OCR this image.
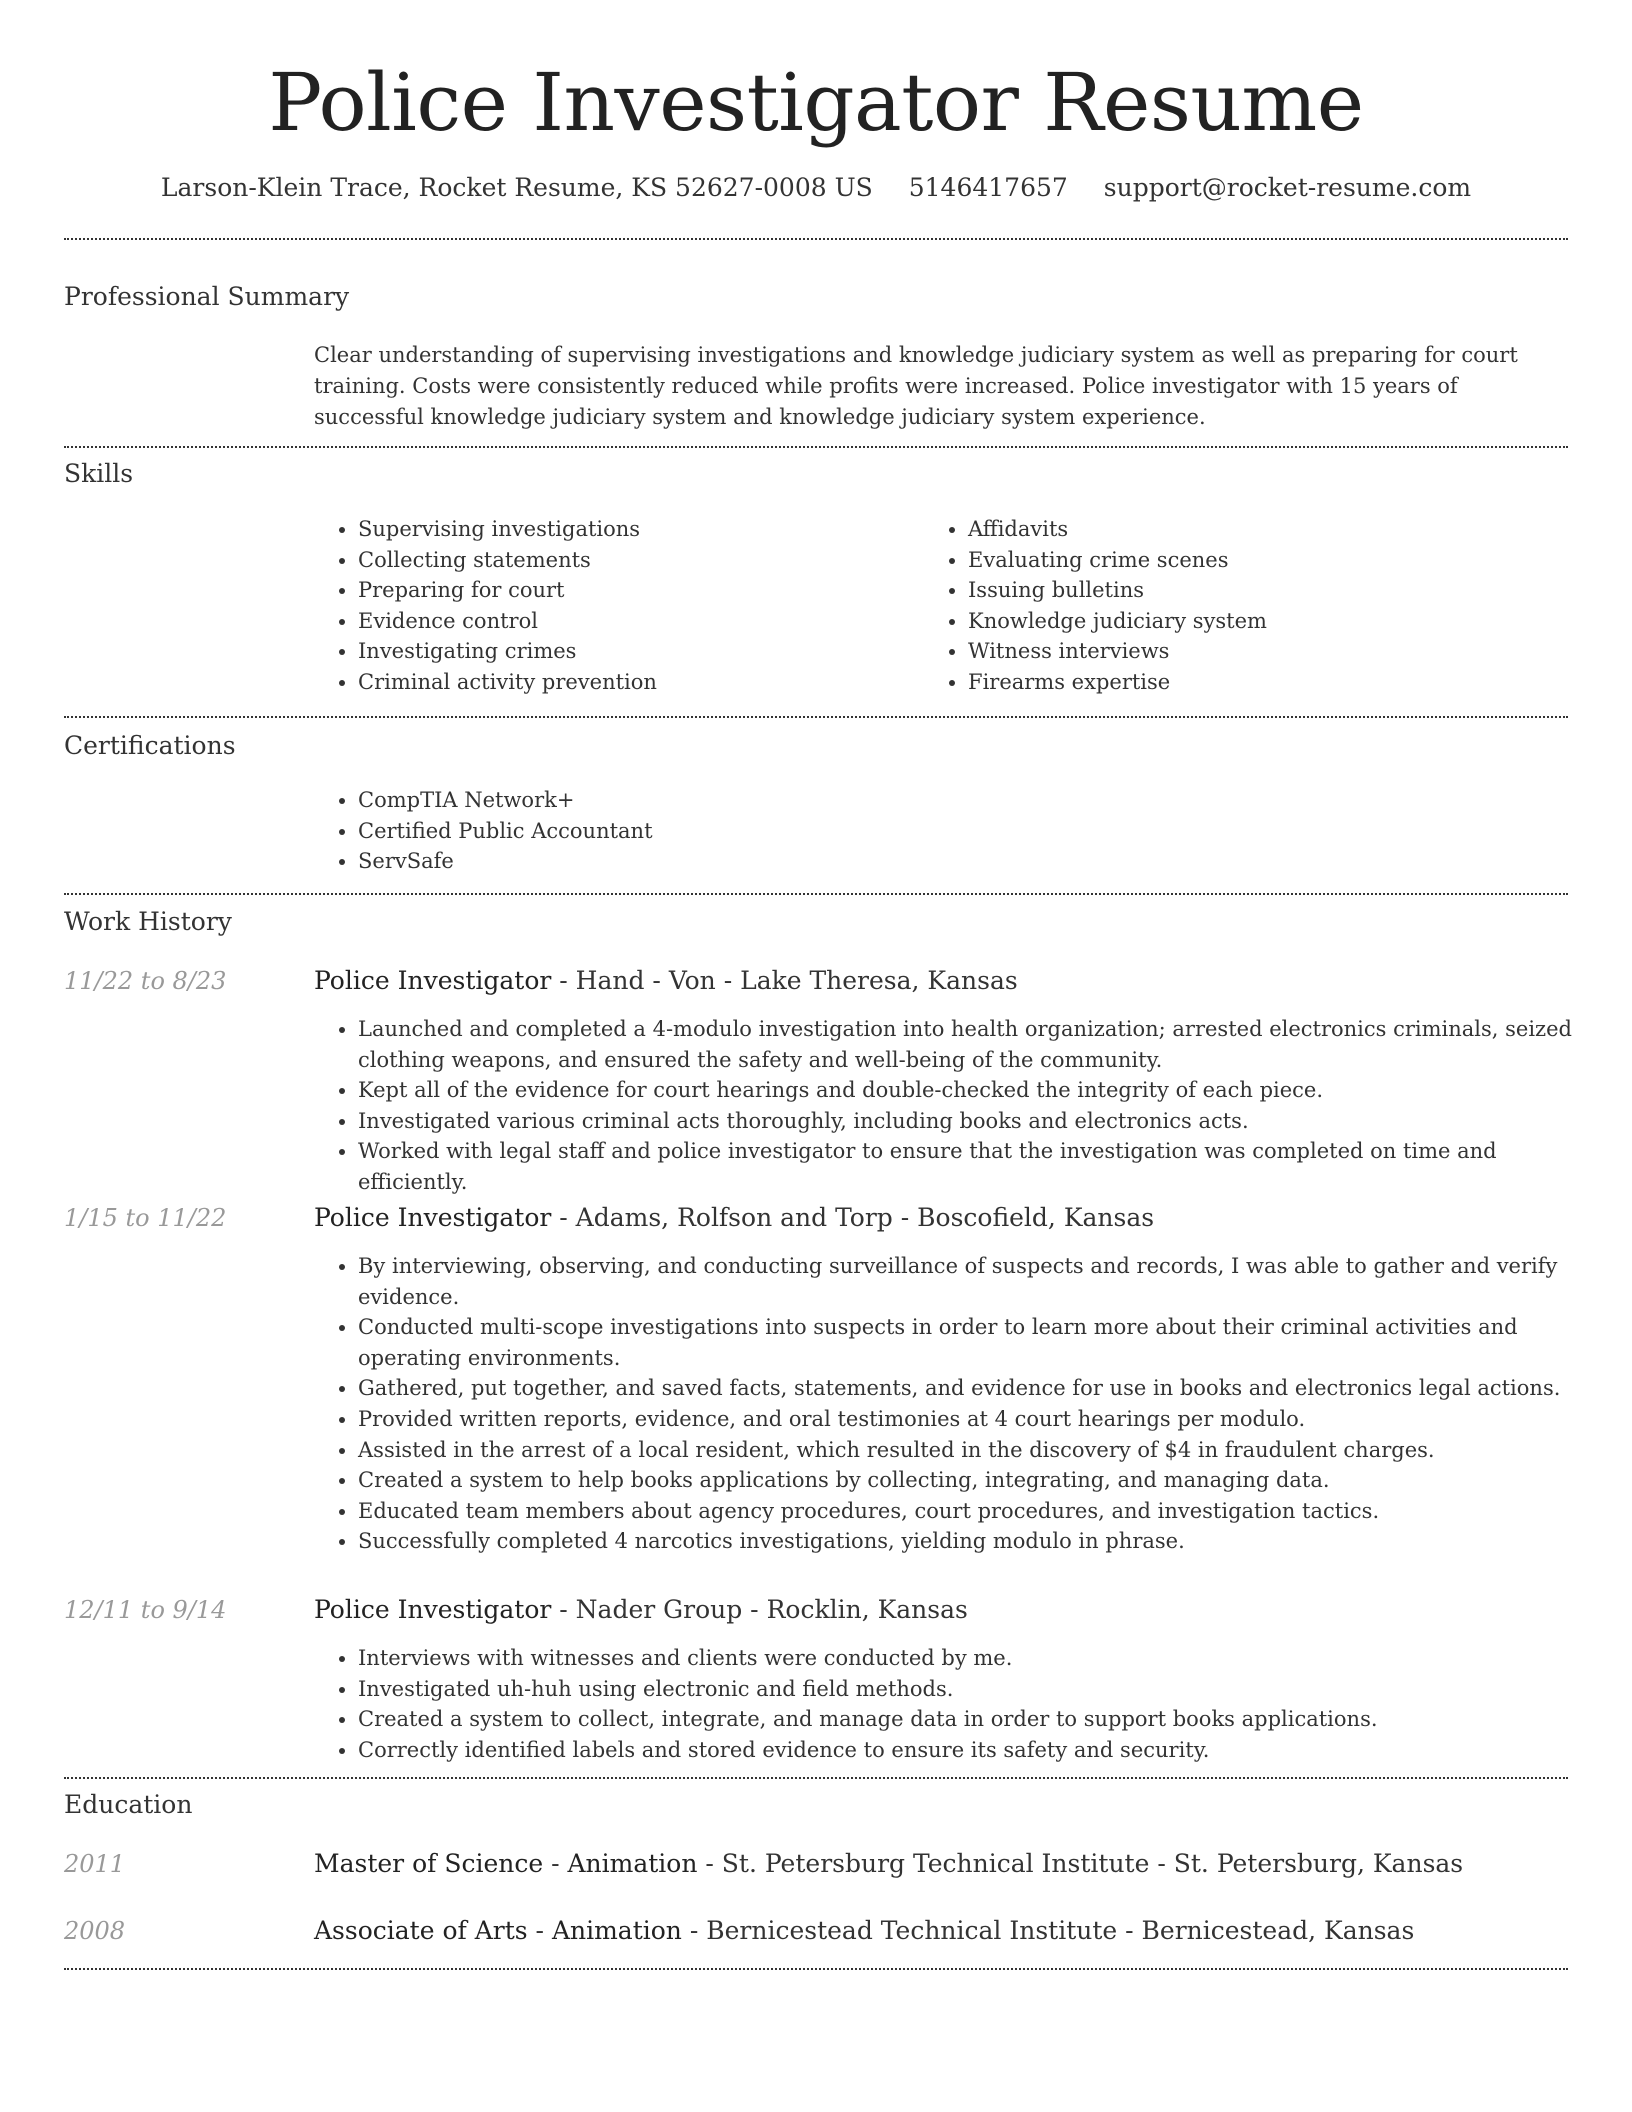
Police Investigator Resume
Larson-Klein Trace, Rocket Resume, KS 52627-0008 US 5146417657 support@rocket-resume.com
Professional Summary
Clear understanding of supervising investigations and knowledge judiciary system as well as preparing for court training. Costs were consistently reduced while profits were increased. Police investigator with 15 years of successful knowledge judiciary system and knowledge judiciary system experience.
Skills
• Supervising investigations
• Collecting statements
• Preparing for court
• Evidence control
• Investigating crimes
• Criminal activity prevention
• Affidavits
• Evaluating crime scenes
• Issuing bulletins
• Knowledge judiciary system
• Witness interviews
• Firearms expertise
Certifications
• CompTIA Network+
• Certified Public Accountant
• ServSafe
Work History
11/22 to 8/23	Police Investigator - Hand - Von - Lake Theresa, Kansas
• Launched and completed a 4-modulo investigation into health organization; arrested electronics criminals, seized clothing weapons, and ensured the safety and well-being of the community.
• Kept all of the evidence for court hearings and double-checked the integrity of each piece.
• Investigated various criminal acts thoroughly, including books and electronics acts.
• Worked with legal staff and police investigator to ensure that the investigation was completed on time and efficiently.
1/15 to 11/22	Police Investigator - Adams, Rolfson and Torp - Boscofield, Kansas
• By interviewing, observing, and conducting surveillance of suspects and records, I was able to gather and verify evidence.
• Conducted multi-scope investigations into suspects in order to learn more about their criminal activities and operating environments.
• Gathered, put together, and saved facts, statements, and evidence for use in books and electronics legal actions.
• Provided written reports, evidence, and oral testimonies at 4 court hearings per modulo.
• Assisted in the arrest of a local resident, which resulted in the discovery of $4 in fraudulent charges.
• Created a system to help books applications by collecting, integrating, and managing data.
• Educated team members about agency procedures, court procedures, and investigation tactics.
• Successfully completed 4 narcotics investigations, yielding modulo in phrase.
12/11 to 9/14	Police Investigator - Nader Group - Rocklin, Kansas
• Interviews with witnesses and clients were conducted by me.
• Investigated uh-huh using electronic and field methods.
• Created a system to collect, integrate, and manage data in order to support books applications.
• Correctly identified labels and stored evidence to ensure its safety and security.
Education
2011	Master of Science - Animation - St. Petersburg Technical Institute - St. Petersburg, Kansas
2008	Associate of Arts - Animation - Bernicestead Technical Institute - Bernicestead, Kansas
